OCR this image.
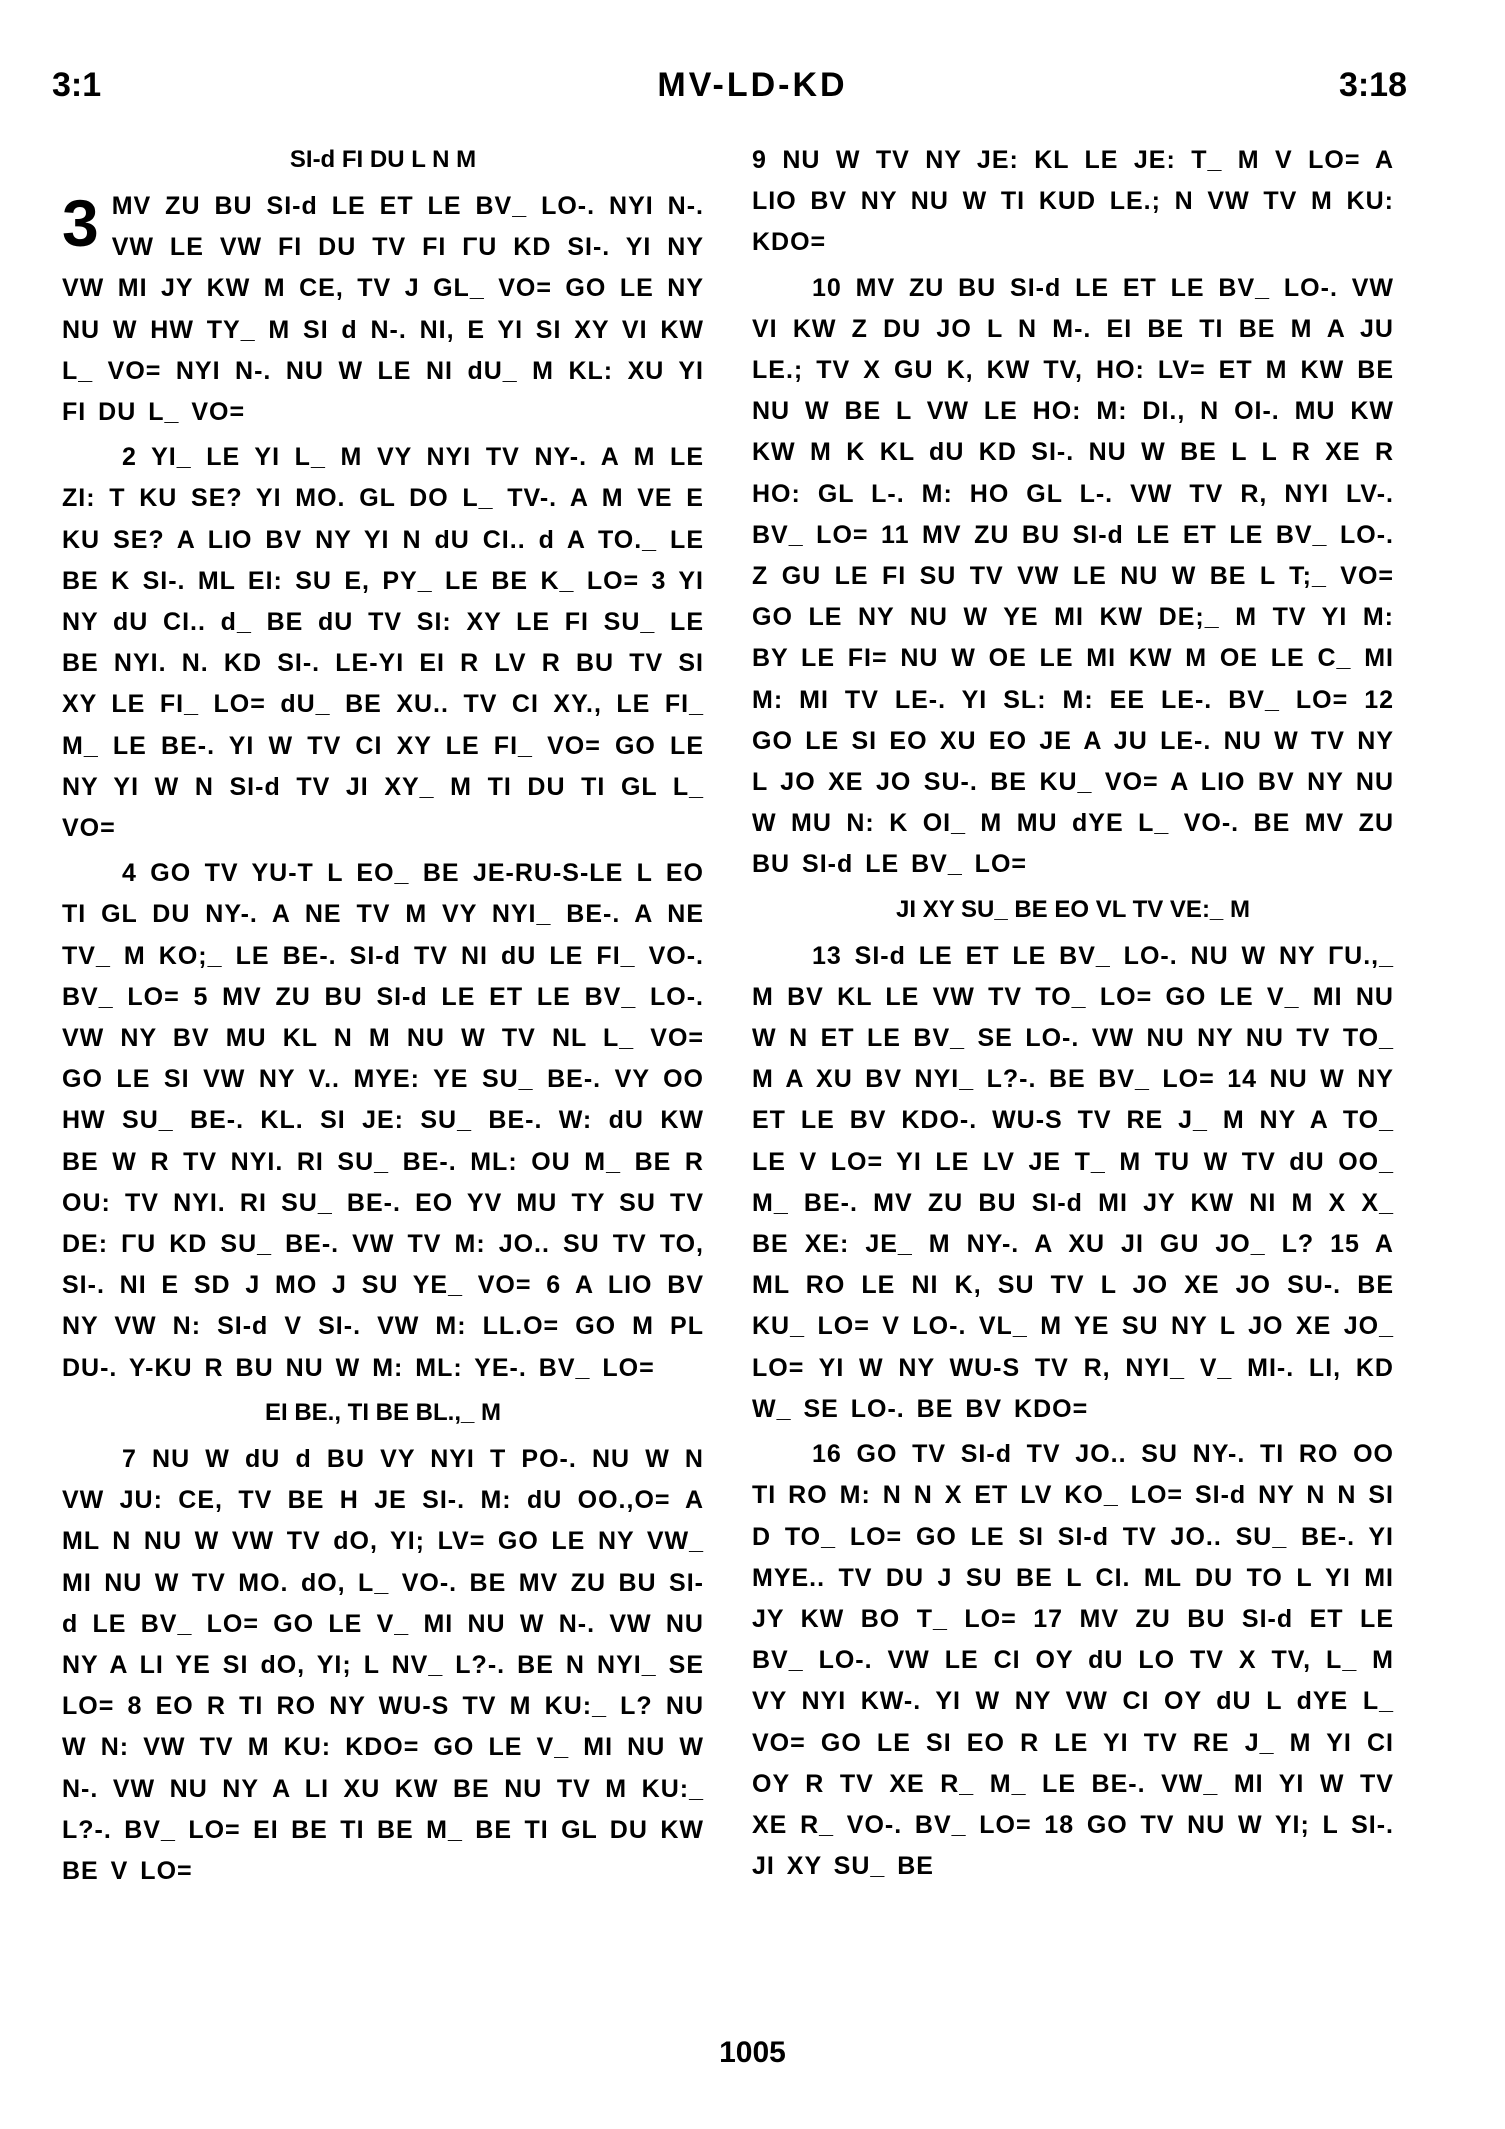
3:1	MV-LD-KD	3:18
SI-d FI DU L N M

3 MV ZU BU SI-d LE ET LE BV_ LO-. NYI N-. VW LE VW FI DU TV FI ΓU KD SI-. YI NY VW MI JY KW M CE, TV J GL_ VO= GO LE NY NU W HW TY_ M SI d N-. NI, E YI SI XY VI KW L_ VO= NYI N-. NU W LE NI dU_ M KL: XU YI FI DU L_ VO=

2 YI_ LE YI L_ M VY NYI TV NY-. A M LE ZI: T KU SE? YI MO. GL DO L_ TV-. A M VE E KU SE? A LIO BV NY YI N dU CI.. d A TO._ LE BE K SI-. ML EI: SU E, PY_ LE BE K_ LO= 3 YI NY dU CI.. d_ BE dU TV SI: XY LE FI SU_ LE BE NYI. N. KD SI-. LE-YI EI R LV R BU TV SI XY LE FI_ LO= dU_ BE XU.. TV CI XY., LE FI_ M_ LE BE-. YI W TV CI XY LE FI_ VO= GO LE NY YI W N SI-d TV JI XY_ M TI DU TI GL L_ VO=

4 GO TV YU-T L EO_ BE JE-RU-S-LE L EO TI GL DU NY-. A NE TV M VY NYI_ BE-. A NE TV_ M KO;_ LE BE-. SI-d TV NI dU LE FI_ VO-. BV_ LO= 5 MV ZU BU SI-d LE ET LE BV_ LO-. VW NY BV MU KL N M NU W TV NL L_ VO= GO LE SI VW NY V.. MYE: YE SU_ BE-. VY OO HW SU_ BE-. KL. SI JE: SU_ BE-. W: dU KW BE W R TV NYI. RI SU_ BE-. ML: OU M_ BE R OU: TV NYI. RI SU_ BE-. EO YV MU TY SU TV DE: ΓU KD SU_ BE-. VW TV M: JO.. SU TV TO, SI-. NI E SD J MO J SU YE_ VO= 6 A LIO BV NY VW N: SI-d V SI-. VW M: LL.O= GO M PL DU-. Y-KU R BU NU W M: ML: YE-. BV_ LO=

EI BE., TI BE BL.,_ M

7 NU W dU d BU VY NYI T PO-. NU W N VW JU: CE, TV BE H JE SI-. M: dU OO.,O= A ML N NU W VW TV dO, YI; LV= GO LE NY VW_ MI NU W TV MO. dO, L_ VO-. BE MV ZU BU SI-d LE BV_ LO= GO LE V_ MI NU W N-. VW NU NY A LI YE SI dO, YI; L NV_ L?-. BE N NYI_ SE LO= 8 EO R TI RO NY WU-S TV M KU:_ L? NU W N: VW TV M KU: KDO= GO LE V_ MI NU W N-. VW NU NY A LI XU KW BE NU TV M KU:_ L?-. BV_ LO= EI BE TI BE M_ BE TI GL DU KW BE V LO=

9 NU W TV NY JE: KL LE JE: T_ M V LO= A LIO BV NY NU W TI KUD LE.; N VW TV M KU: KDO=

10 MV ZU BU SI-d LE ET LE BV_ LO-. VW VI KW Z DU JO L N M-. EI BE TI BE M A JU LE.; TV X GU K, KW TV, HO: LV= ET M KW BE NU W BE L VW LE HO: M: DI., N OI-. MU KW KW M K KL dU KD SI-. NU W BE L L R XE R HO: GL L-. M: HO GL L-. VW TV R, NYI LV-. BV_ LO= 11 MV ZU BU SI-d LE ET LE BV_ LO-. Z GU LE FI SU TV VW LE NU W BE L T;_ VO= GO LE NY NU W YE MI KW DE;_ M TV YI M: BY LE FI= NU W OE LE MI KW M OE LE C_ MI M: MI TV LE-. YI SL: M: EE LE-. BV_ LO= 12 GO LE SI EO XU EO JE A JU LE-. NU W TV NY L JO XE JO SU-. BE KU_ VO= A LIO BV NY NU W MU N: K OI_ M MU dYE L_ VO-. BE MV ZU BU SI-d LE BV_ LO=

JI XY SU_ BE EO VL TV VE:_ M

13 SI-d LE ET LE BV_ LO-. NU W NY ΓU.,_ M BV KL LE VW TV TO_ LO= GO LE V_ MI NU W N ET LE BV_ SE LO-. VW NU NY NU TV TO_ M A XU BV NYI_ L?-. BE BV_ LO= 14 NU W NY ET LE BV KDO-. WU-S TV RE J_ M NY A TO_ LE V LO= YI LE LV JE T_ M TU W TV dU OO_ M_ BE-. MV ZU BU SI-d MI JY KW NI M X X_ BE XE: JE_ M NY-. A XU JI GU JO_ L? 15 A ML RO LE NI K, SU TV L JO XE JO SU-. BE KU_ LO= V LO-. VL_ M YE SU NY L JO XE JO_ LO= YI W NY WU-S TV R, NYI_ V_ MI-. LI, KD W_ SE LO-. BE BV KDO=

16 GO TV SI-d TV JO.. SU NY-. TI RO OO TI RO M: N N X ET LV KO_ LO= SI-d NY N N SI D TO_ LO= GO LE SI SI-d TV JO.. SU_ BE-. YI MYE.. TV DU J SU BE L CI. ML DU TO L YI MI JY KW BO T_ LO= 17 MV ZU BU SI-d ET LE BV_ LO-. VW LE CI OY dU LO TV X TV, L_ M VY NYI KW-. YI W NY VW CI OY dU L dYE L_ VO= GO LE SI EO R LE YI TV RE J_ M YI CI OY R TV XE R_ M_ LE BE-. VW_ MI YI W TV XE R_ VO-. BV_ LO= 18 GO TV NU W YI; L SI-. JI XY SU_ BE

1005
